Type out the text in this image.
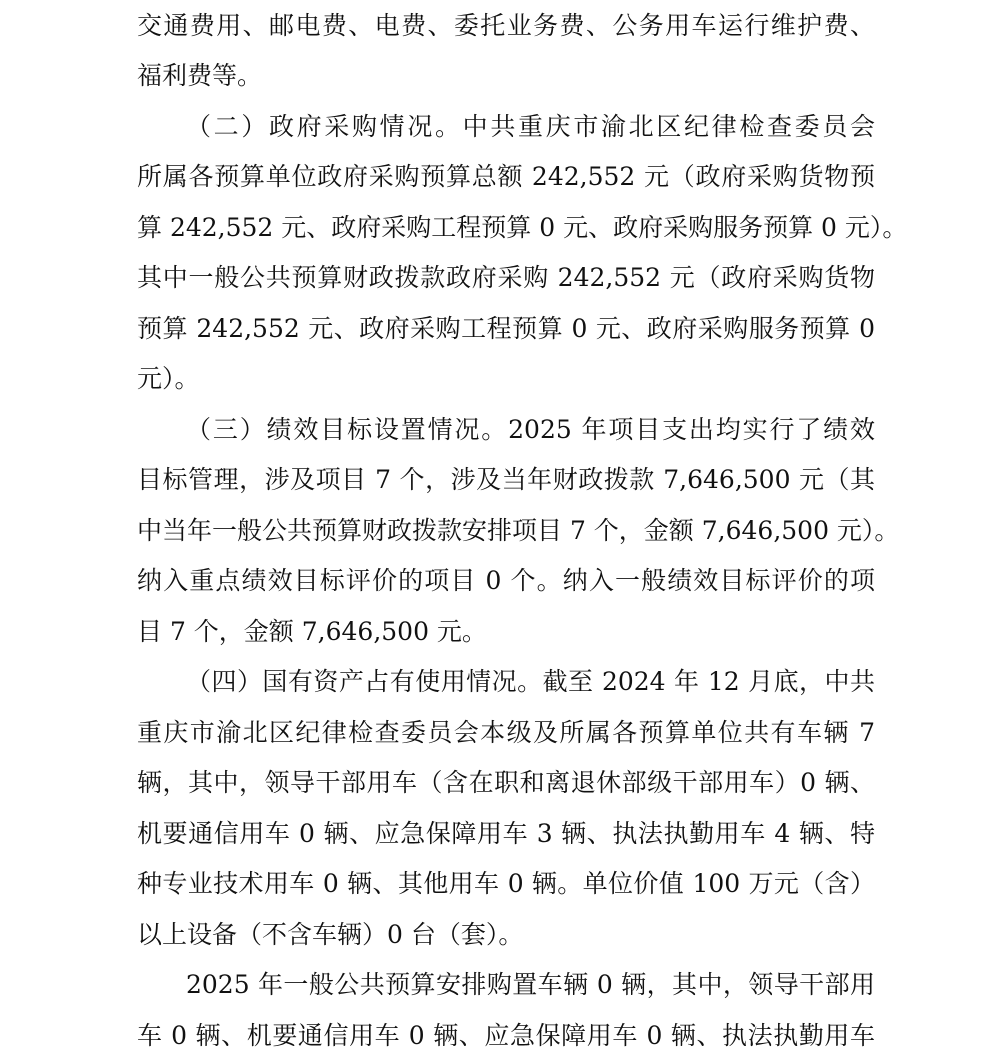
交通费用、邮电费、电费、委托业务费、公务用车运行维护费、
福利费等。
（二）政府采购情况。中共重庆市渝北区纪律检查委员会
所属各预算单位政府采购预算总额 242,552 元（政府采购货物预
算 242,552 元、政府采购工程预算 0 元、政府采购服务预算 0 元）。
其中一般公共预算财政拨款政府采购 242,552 元（政府采购货物
预算 242,552 元、政府采购工程预算 0 元、政府采购服务预算 0
元）。
（三）绩效目标设置情况。2025 年项目支出均实行了绩效
目标管理，涉及项目 7 个，涉及当年财政拨款 7,646,500 元（其
中当年一般公共预算财政拨款安排项目 7 个，金额 7,646,500 元）。
纳入重点绩效目标评价的项目 0 个。纳入一般绩效目标评价的项
目 7 个，金额 7,646,500 元。
（四）国有资产占有使用情况。截至 2024 年 12 月底，中共
重庆市渝北区纪律检查委员会本级及所属各预算单位共有车辆 7
辆，其中，领导干部用车（含在职和离退休部级干部用车）0 辆、
机要通信用车 0 辆、应急保障用车 3 辆、执法执勤用车 4 辆、特
种专业技术用车 0 辆、其他用车 0 辆。单位价值 100 万元（含）
以上设备（不含车辆）0 台（套）。
2025 年一般公共预算安排购置车辆 0 辆，其中，领导干部用
车 0 辆、机要通信用车 0 辆、应急保障用车 0 辆、执法执勤用车
